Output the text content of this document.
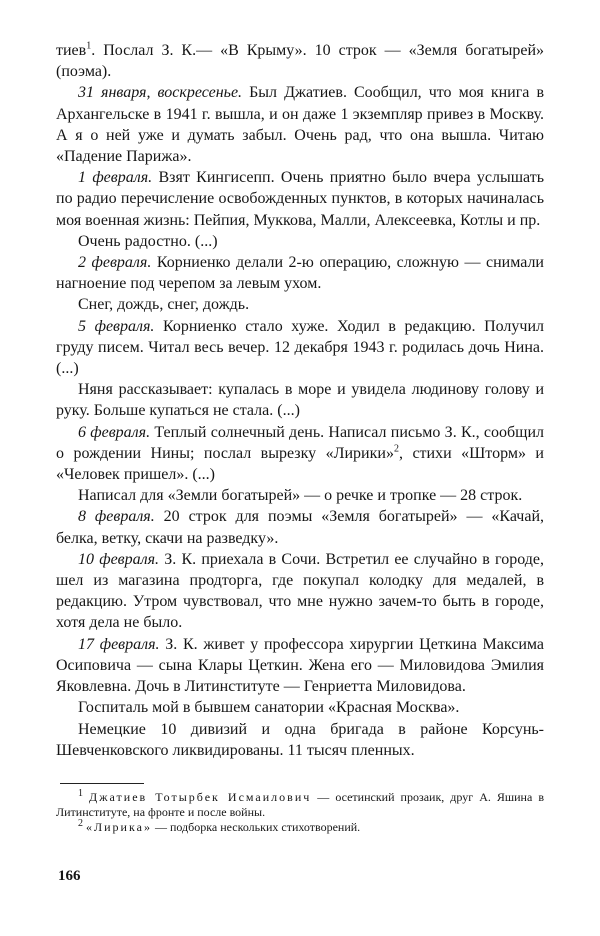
тиев$^1$. Послал З. К.— «В Крыму». 10 строк — «Земля богатырей» (поэма).

31 января, воскресенье. Был Джатиев. Сообщил, что моя книга в Архангельске в 1941 г. вышла, и он даже 1 экземпляр привез в Москву. А я о ней уже и думать забыл. Очень рад, что она вышла. Читаю «Падение Парижа».

1 февраля. Взят Кингисепп. Очень приятно было вчера услышать по радио перечисление освобожденных пунктов, в которых начиналась моя военная жизнь: Пейпия, Муккова, Малли, Алексеевка, Котлы и пр.

Очень радостно. (...)

2 февраля. Корниенко делали 2-ю операцию, сложную — снимали нагноение под черепом за левым ухом.

Снег, дождь, снег, дождь.

5 февраля. Корниенко стало хуже. Ходил в редакцию. Получил груду писем. Читал весь вечер. 12 декабря 1943 г. родилась дочь Нина. (...)

Няня рассказывает: купалась в море и увидела людинову голову и руку. Больше купаться не стала. (...)

6 февраля. Теплый солнечный день. Написал письмо З. К., сообщил о рождении Нины; послал вырезку «Лирики»$^2$, стихи «Шторм» и «Человек пришел». (...)

Написал для «Земли богатырей» — о речке и тропке — 28 строк.

8 февраля. 20 строк для поэмы «Земля богатырей» — «Качай, белка, ветку, скачи на разведку».

10 февраля. З. К. приехала в Сочи. Встретил ее случайно в городе, шел из магазина продторга, где покупал колодку для медалей, в редакцию. Утром чувствовал, что мне нужно зачем-то быть в городе, хотя дела не было.

17 февраля. З. К. живет у профессора хирургии Цеткина Максима Осиповича — сына Клары Цеткин. Жена его — Миловидова Эмилия Яковлевна. Дочь в Литинституте — Генриетта Миловидова.

Госпиталь мой в бывшем санатории «Красная Москва».

Немецкие 10 дивизий и одна бригада в районе Корсунь-Шевченковского ликвидированы. 11 тысяч пленных.

$^1$ Джатиев Тотырбек Исмаилович — осетинский прозаик, друг А. Яшина в Литинституте, на фронте и после войны.

$^2$ «Лирика» — подборка нескольких стихотворений.

166
